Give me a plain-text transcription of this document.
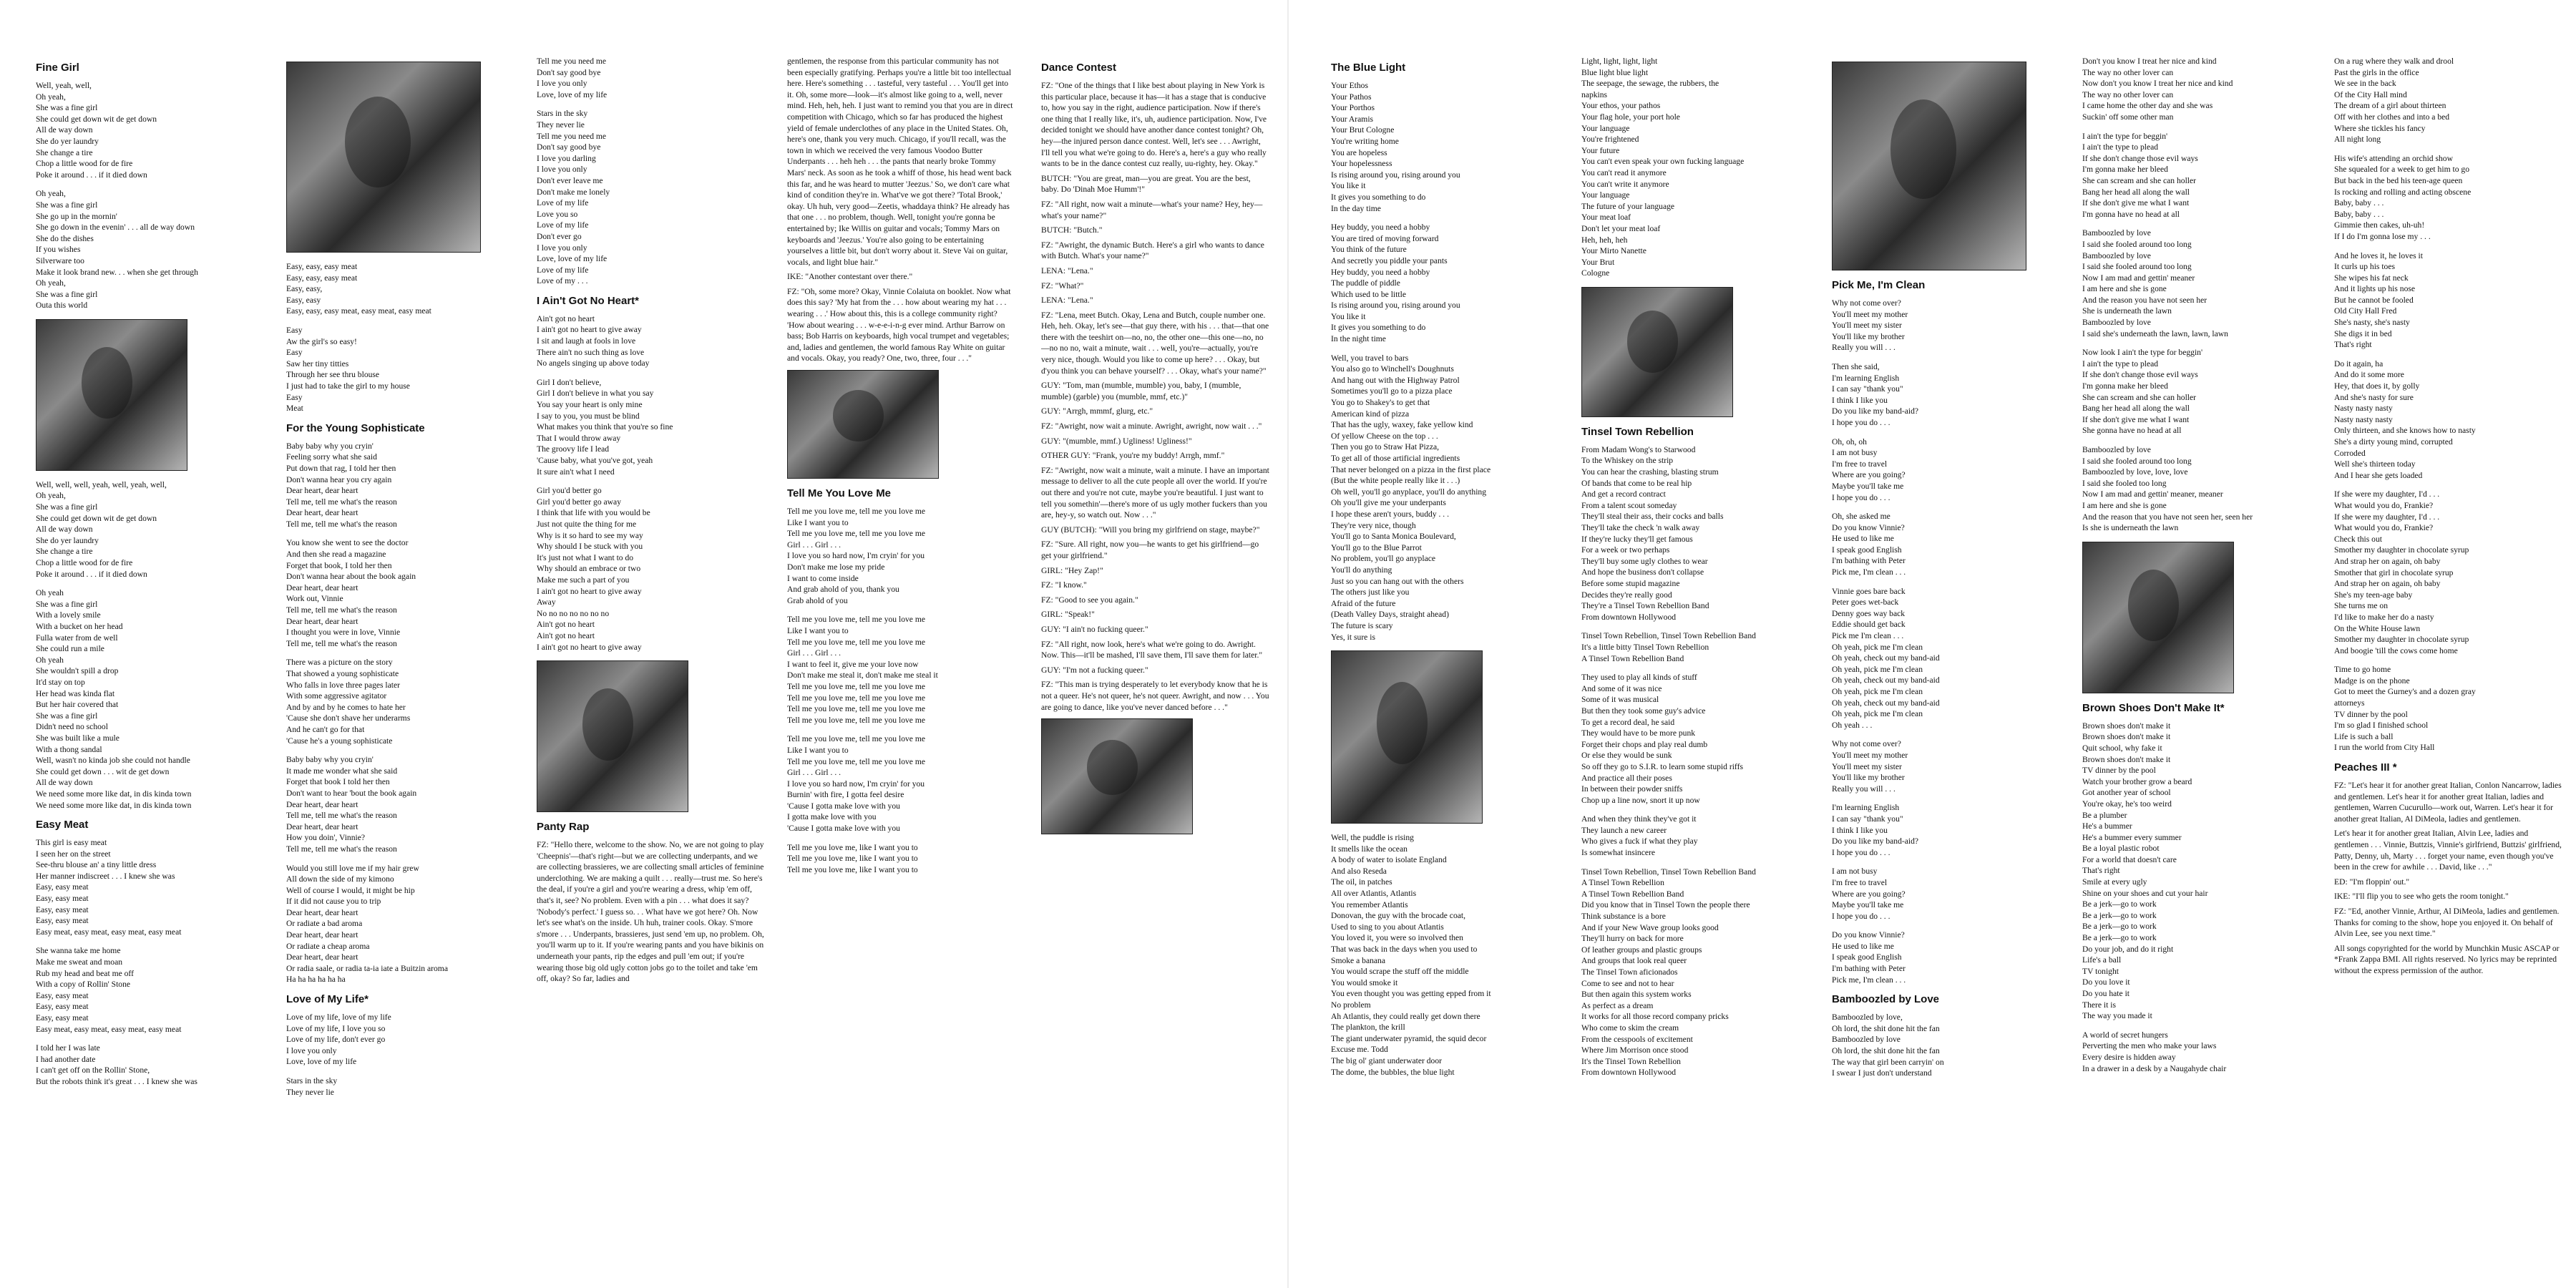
Fine Girl
Well, yeah, well,
Oh yeah,
She was a fine girl
She could get down wit de get down
All de way down
She do yer laundry
She change a tire
Chop a little wood for de fire
Poke it around . . . if it died down
Oh yeah,
She was a fine girl
She go up in the mornin'
She go down in the evenin' . . . all de way down
She do the dishes
If you wishes
Silverware too
Make it look brand new. . . when she get through
Oh yeah,
She was a fine girl
Outa this world
Well, well, well, yeah, well, yeah, well,
Oh yeah,
She was a fine girl
She could get down wit de get down
All de way down
She do yer laundry
She change a tire
Chop a little wood for de fire
Poke it around . . . if it died down
Oh yeah
She was a fine girl
With a lovely smile
With a bucket on her head
Fulla water from de well
She could run a mile
Oh yeah
She wouldn't spill a drop
It'd stay on top
Her head was kinda flat
But her hair covered that
She was a fine girl
Didn't need no school
She was built like a mule
With a thong sandal
Well, wasn't no kinda job she could not handle
She could get down . . . wit de get down
All de way down
We need some more like dat, in dis kinda town
We need some more like dat, in dis kinda town
Easy Meat
This girl is easy meat
I seen her on the street
See-thru blouse an' a tiny little dress
Her manner indiscreet . . . I knew she was
Easy, easy meat
Easy, easy meat
Easy, easy meat
Easy, easy meat
Easy meat, easy meat, easy meat, easy meat
She wanna take me home
Make me sweat and moan
Rub my head and beat me off
With a copy of Rollin' Stone
Easy, easy meat
Easy, easy meat
Easy, easy meat
Easy meat, easy meat, easy meat, easy meat
I told her I was late
I had another date
I can't get off on the Rollin' Stone,
But the robots think it's great . . . I knew she was
Easy, easy, easy meat
Easy, easy, easy meat
Easy, easy,
Easy, easy
Easy, easy, easy meat, easy meat, easy meat
Easy
Aw the girl's so easy!
Easy
Saw her tiny titties
Through her see thru blouse
I just had to take the girl to my house
Easy
Meat
For the Young Sophisticate
Baby baby why you cryin'
Feeling sorry what she said
Put down that rag, I told her then
Don't wanna hear you cry again
Dear heart, dear heart
Tell me, tell me what's the reason
Dear heart, dear heart
Tell me, tell me what's the reason
You know she went to see the doctor
And then she read a magazine
Forget that book, I told her then
Don't wanna hear about the book again
Dear heart, dear heart
Work out, Vinnie
Tell me, tell me what's the reason
Dear heart, dear heart
I thought you were in love, Vinnie
Tell me, tell me what's the reason
There was a picture on the story
That showed a young sophisticate
Who falls in love three pages later
With some aggressive agitator
And by and by he comes to hate her
'Cause she don't shave her underarms
And he can't go for that
'Cause he's a young sophisticate
Baby baby why you cryin'
It made me wonder what she said
Forget that book I told her then
Don't want to hear 'bout the book again
Dear heart, dear heart
Tell me, tell me what's the reason
Dear heart, dear heart
How you doin', Vinnie?
Tell me, tell me what's the reason
Would you still love me if my hair grew
All down the side of my kimono
Well of course I would, it might be hip
If it did not cause you to trip
Dear heart, dear heart
Or radiate a bad aroma
Dear heart, dear heart
Or radiate a cheap aroma
Dear heart, dear heart
Or radia saale, or radia ta-ia iate a Buitzin aroma
Ha ha ha ha ha ha
Love of My Life*
Love of my life, love of my life
Love of my life, I love you so
Love of my life, don't ever go
I love you only
Love, love of my life
Stars in the sky
They never lie
Tell me you need me
Don't say good bye
I love you only
Love, love of my life
Stars in the sky
They never lie
Tell me you need me
Don't say good bye
I love you darling
I love you only
Don't ever leave me
Don't make me lonely
Love of my life
Love you so
Love of my life
Don't ever go
I love you only
Love, love of my life
Love of my life
Love of my . . .
I Ain't Got No Heart*
Ain't got no heart
I ain't got no heart to give away
I sit and laugh at fools in love
There ain't no such thing as love
No angels singing up above today
Girl I don't believe,
Girl I don't believe in what you say
You say your heart is only mine
I say to you, you must be blind
What makes you think that you're so fine
That I would throw away
The groovy life I lead
'Cause baby, what you've got, yeah
It sure ain't what I need
Girl you'd better go
Girl you'd better go away
I think that life with you would be
Just not quite the thing for me
Why is it so hard to see my way
Why should I be stuck with you
It's just not what I want to do
Why should an embrace or two
Make me such a part of you
I ain't got no heart to give away
Away
No no no no no no no
Ain't got no heart
Ain't got no heart
I ain't got no heart to give away
Panty Rap
FZ: "Hello there, welcome to the show. No, we are not going to play 'Cheepnis'—that's right—but we are collecting underpants, and we are collecting brassieres, we are collecting small articles of feminine underclothing. We are making a quilt . . . really—trust me. So here's the deal, if you're a girl and you're wearing a dress, whip 'em off, that's it, see? No problem. Even with a pin . . . what does it say? 'Nobody's perfect.' I guess so. . . What have we got here? Oh. Now let's see what's on the inside. Uh huh, trainer cools. Okay. S'more s'more . . . Underpants, brassieres, just send 'em up, no problem. Oh, you'll warm up to it. If you're wearing pants and you have bikinis on underneath your pants, rip the edges and pull 'em out; if you're wearing those big old ugly cotton jobs go to the toilet and take 'em off, okay? So far, ladies and
gentlemen, the response from this particular community has not been especially gratifying. Perhaps you're a little bit too intellectual here. Here's something . . . tasteful, very tasteful . . . You'll get into it. Oh, some more—look—it's almost like going to a, well, never mind. Heh, heh, heh. I just want to remind you that you are in direct competition with Chicago, which so far has produced the highest yield of female underclothes of any place in the United States. Oh, here's one, thank you very much. Chicago, if you'll recall, was the town in which we received the very famous Voodoo Butter Underpants . . . heh heh . . . the pants that nearly broke Tommy Mars' neck. As soon as he took a whiff of those, his head went back this far, and he was heard to mutter 'Jeezus.' So, we don't care what kind of condition they're in. What've we got there? 'Total Brook,' okay. Uh huh, very good—Zeetis, whaddaya think? He already has that one . . . no problem, though. Well, tonight you're gonna be entertained by; Ike Willis on guitar and vocals; Tommy Mars on keyboards and 'Jeezus.' You're also going to be entertaining yourselves a little bit, but don't worry about it. Steve Vai on guitar, vocals, and light blue hair."
IKE: "Another contestant over there."
FZ: "Oh, some more? Okay, Vinnie Colaiuta on booklet. Now what does this say? 'My hat from the . . . how about wearing my hat . . . wearing . . .' How about this, this is a college community right? 'How about wearing . . . w-e-e-i-n-g ever mind. Arthur Barrow on bass; Bob Harris on keyboards, high vocal trumpet and vegetables; and, ladies and gentlemen, the world famous Ray White on guitar and vocals. Okay, you ready? One, two, three, four . . ."
Tell Me You Love Me
Tell me you love me, tell me you love me
Like I want you to
Tell me you love me, tell me you love me
Girl . . . Girl . . .
I love you so hard now, I'm cryin' for you
Don't make me lose my pride
I want to come inside
And grab ahold of you, thank you
Grab ahold of you
Tell me you love me, tell me you love me
Like I want you to
Tell me you love me, tell me you love me
Girl . . . Girl . . .
I want to feel it, give me your love now
Don't make me steal it, don't make me steal it
Tell me you love me, tell me you love me
Tell me you love me, tell me you love me
Tell me you love me, tell me you love me
Tell me you love me, tell me you love me
Tell me you love me, tell me you love me
Like I want you to
Tell me you love me, tell me you love me
Girl . . . Girl . . .
I love you so hard now, I'm cryin' for you
Burnin' with fire, I gotta feel desire
'Cause I gotta make love with you
I gotta make love with you
'Cause I gotta make love with you
Tell me you love me, like I want you to
Tell me you love me, like I want you to
Tell me you love me, like I want you to
Dance Contest
FZ: "One of the things that I like best about playing in New York is this particular place, because it has—it has a stage that is conducive to, how you say in the right, audience participation. Now if there's one thing that I really like, it's, uh, audience participation. Now, I've decided tonight we should have another dance contest tonight? Oh, hey—the injured person dance contest. Well, let's see . . . Awright, I'll tell you what we're going to do. Here's a, here's a guy who really wants to be in the dance contest cuz really, uu-righty, hey. Okay."
BUTCH: "You are great, man—you are great. You are the best, baby. Do 'Dinah Moe Humm'!"
FZ: "All right, now wait a minute—what's your name? Hey, hey—what's your name?"
BUTCH: "Butch."
FZ: "Awright, the dynamic Butch. Here's a girl who wants to dance with Butch. What's your name?"
LENA: "Lena."
FZ: "What?"
LENA: "Lena."
FZ: "Lena, meet Butch. Okay, Lena and Butch, couple number one. Heh, heh. Okay, let's see—that guy there, with his . . . that—that one there with the teeshirt on—no, no, the other one—this one—no, no—no no no, wait a minute, wait . . . well, you're—actually, you're very nice, though. Would you like to come up here? . . . Okay, but d'you think you can behave yourself? . . . Okay, what's your name?"
GUY: "Tom, man (mumble, mumble) you, baby, I (mumble, mumble) (garble) you (mumble, mmf, etc.)"
GUY: "Arrgh, mmmf, glurg, etc."
FZ: "Awright, now wait a minute. Awright, awright, now wait . . ."
GUY: "(mumble, mmf.) Ugliness! Ugliness!"
OTHER GUY: "Frank, you're my buddy! Arrgh, mmf."
FZ: "Awright, now wait a minute, wait a minute. I have an important message to deliver to all the cute people all over the world. If you're out there and you're not cute, maybe you're beautiful. I just want to tell you somethin'—there's more of us ugly mother fuckers than you are, hey-y, so watch out. Now . . ."
GUY (BUTCH): "Will you bring my girlfriend on stage, maybe?"
FZ: "Sure. All right, now you—he wants to get his girlfriend—go get your girlfriend."
GIRL: "Hey Zap!"
FZ: "I know."
FZ: "Good to see you again."
GIRL: "Speak!"
GUY: "I ain't no fucking queer."
FZ: "All right, now look, here's what we're going to do. Awright. Now. This—it'll be mashed, I'll save them, I'll save them for later."
GUY: "I'm not a fucking queer."
FZ: "This man is trying desperately to let everybody know that he is not a queer. He's not queer, he's not queer. Awright, and now . . . You are going to dance, like you've never danced before . . ."
The Blue Light
Your Ethos
Your Pathos
Your Porthos
Your Aramis
Your Brut Cologne
You're writing home
You are hopeless
Your hopelessness
Is rising around you, rising around you
You like it
It gives you something to do
In the day time
Hey buddy, you need a hobby
You are tired of moving forward
You think of the future
And secretly you piddle your pants
Hey buddy, you need a hobby
The puddle of piddle
Which used to be little
Is rising around you, rising around you
You like it
It gives you something to do
In the night time
Well, you travel to bars
You also go to Winchell's Doughnuts
And hang out with the Highway Patrol
Sometimes you'll go to a pizza place
You go to Shakey's to get that
American kind of pizza
That has the ugly, waxey, fake yellow kind
Of yellow Cheese on the top . . .
Then you go to Straw Hat Pizza,
To get all of those artificial ingredients
That never belonged on a pizza in the first place
(But the white people really like it . . .)
Oh well, you'll go anyplace, you'll do anything
Oh you'll give me your underpants
I hope these aren't yours, buddy . . .
They're very nice, though
You'll go to Santa Monica Boulevard,
You'll go to the Blue Parrot
No problem, you'll go anyplace
You'll do anything
Just so you can hang out with the others
The others just like you
Afraid of the future
(Death Valley Days, straight ahead)
The future is scary
Yes, it sure is
Well, the puddle is rising
It smells like the ocean
A body of water to isolate England
And also Reseda
The oil, in patches
All over Atlantis, Atlantis
You remember Atlantis
Donovan, the guy with the brocade coat,
Used to sing to you about Atlantis
You loved it, you were so involved then
That was back in the days when you used to
Smoke a banana
You would scrape the stuff off the middle
You would smoke it
You even thought you was getting epped from it
No problem
Ah Atlantis, they could really get down there
The plankton, the krill
The giant underwater pyramid, the squid decor
Excuse me. Todd
The big ol' giant underwater door
The dome, the bubbles, the blue light
Light, light, light, light
Blue light blue light
The seepage, the sewage, the rubbers, the
napkins
Your ethos, your pathos
Your flag hole, your port hole
Your language
You're frightened
Your future
You can't even speak your own fucking language
You can't read it anymore
You can't write it anymore
Your language
The future of your language
Your meat loaf
Don't let your meat loaf
Heh, heh, heh
Your Mirto Nanette
Your Brut
Cologne
Tinsel Town Rebellion
From Madam Wong's to Starwood
To the Whiskey on the strip
You can hear the crashing, blasting strum
Of bands that come to be real hip
And get a record contract
From a talent scout someday
They'll steal their ass, their cocks and balls
They'll take the check 'n walk away
If they're lucky they'll get famous
For a week or two perhaps
They'll buy some ugly clothes to wear
And hope the business don't collapse
Before some stupid magazine
Decides they're really good
They're a Tinsel Town Rebellion Band
From downtown Hollywood
Tinsel Town Rebellion, Tinsel Town Rebellion Band
It's a little bitty Tinsel Town Rebellion
A Tinsel Town Rebellion Band
They used to play all kinds of stuff
And some of it was nice
Some of it was musical
But then they took some guy's advice
To get a record deal, he said
They would have to be more punk
Forget their chops and play real dumb
Or else they would be sunk
So off they go to S.I.R. to learn some stupid riffs
And practice all their poses
In between their powder sniffs
Chop up a line now, snort it up now
And when they think they've got it
They launch a new career
Who gives a fuck if what they play
Is somewhat insincere
Tinsel Town Rebellion, Tinsel Town Rebellion Band
A Tinsel Town Rebellion
A Tinsel Town Rebellion Band
Did you know that in Tinsel Town the people there
Think substance is a bore
And if your New Wave group looks good
They'll hurry on back for more
Of leather groups and plastic groups
And groups that look real queer
The Tinsel Town aficionados
Come to see and not to hear
But then again this system works
As perfect as a dream
It works for all those record company pricks
Who come to skim the cream
From the cesspools of excitement
Where Jim Morrison once stood
It's the Tinsel Town Rebellion
From downtown Hollywood
Pick Me, I'm Clean
Why not come over?
You'll meet my mother
You'll meet my sister
You'll like my brother
Really you will . . .
Then she said,
I'm learning English
I can say "thank you"
I think I like you
Do you like my band-aid?
I hope you do . . .
Oh, oh, oh
I am not busy
I'm free to travel
Where are you going?
Maybe you'll take me
I hope you do . . .
Oh, she asked me
Do you know Vinnie?
He used to like me
I speak good English
I'm bathing with Peter
Pick me, I'm clean . . .
Vinnie goes bare back
Peter goes wet-back
Denny goes way back
Eddie should get back
Pick me I'm clean . . .
Oh yeah, pick me I'm clean
Oh yeah, check out my band-aid
Oh yeah, pick me I'm clean
Oh yeah, check out my band-aid
Oh yeah, pick me I'm clean
Oh yeah, check out my band-aid
Oh yeah, pick me I'm clean
Oh yeah . . .
Why not come over?
You'll meet my mother
You'll meet my sister
You'll like my brother
Really you will . . .
I'm learning English
I can say "thank you"
I think I like you
Do you like my band-aid?
I hope you do . . .
I am not busy
I'm free to travel
Where are you going?
Maybe you'll take me
I hope you do . . .
Do you know Vinnie?
He used to like me
I speak good English
I'm bathing with Peter
Pick me, I'm clean . . .
Bamboozled by Love
Bamboozled by love,
Oh lord, the shit done hit the fan
Bamboozled by love
Oh lord, the shit done hit the fan
The way that girl been carryin' on
I swear I just don't understand
Don't you know I treat her nice and kind
The way no other lover can
Now don't you know I treat her nice and kind
The way no other lover can
I came home the other day and she was
Suckin' off some other man
I ain't the type for beggin'
I ain't the type to plead
If she don't change those evil ways
I'm gonna make her bleed
She can scream and she can holler
Bang her head all along the wall
If she don't give me what I want
I'm gonna have no head at all
Bamboozled by love
I said she fooled around too long
Bamboozled by love
I said she fooled around too long
Now I am mad and gettin' meaner
I am here and she is gone
And the reason you have not seen her
She is underneath the lawn
Bamboozled by love
I said she's underneath the lawn, lawn, lawn
Now look I ain't the type for beggin'
I ain't the type to plead
If she don't change those evil ways
I'm gonna make her bleed
She can scream and she can holler
Bang her head all along the wall
If she don't give me what I want
She gonna have no head at all
Bamboozled by love
I said she fooled around too long
Bamboozled by love, love, love
I said she fooled too long
Now I am mad and gettin' meaner, meaner
I am here and she is gone
And the reason that you have not seen her, seen her
Is she is underneath the lawn
Brown Shoes Don't Make It*
Brown shoes don't make it
Brown shoes don't make it
Quit school, why fake it
Brown shoes don't make it
TV dinner by the pool
Watch your brother grow a beard
Got another year of school
You're okay, he's too weird
Be a plumber
He's a bummer
He's a bummer every summer
Be a loyal plastic robot
For a world that doesn't care
That's right
Smile at every ugly
Shine on your shoes and cut your hair
Be a jerk—go to work
Be a jerk—go to work
Be a jerk—go to work
Be a jerk—go to work
Do your job, and do it right
Life's a ball
TV tonight
Do you love it
Do you hate it
There it is
The way you made it
A world of secret hungers
Perverting the men who make your laws
Every desire is hidden away
In a drawer in a desk by a Naugahyde chair
On a rug where they walk and drool
Past the girls in the office
We see in the back
Of the City Hall mind
The dream of a girl about thirteen
Off with her clothes and into a bed
Where she tickles his fancy
All night long
His wife's attending an orchid show
She squealed for a week to get him to go
But back in the bed his teen-age queen
Is rocking and rolling and acting obscene
Baby, baby . . .
Baby, baby . . .
Gimmie then cakes, uh-uh!
If I do I'm gonna lose my . . .
And he loves it, he loves it
It curls up his toes
She wipes his fat neck
And it lights up his nose
But he cannot be fooled
Old City Hall Fred
She's nasty, she's nasty
She digs it in bed
That's right
Do it again, ha
And do it some more
Hey, that does it, by golly
And she's nasty for sure
Nasty nasty nasty
Nasty nasty nasty
Only thirteen, and she knows how to nasty
She's a dirty young mind, corrupted
Corroded
Well she's thirteen today
And I hear she gets loaded
If she were my daughter, I'd . . .
What would you do, Frankie?
If she were my daughter, I'd . . .
What would you do, Frankie?
Check this out
Smother my daughter in chocolate syrup
And strap her on again, oh baby
Smother that girl in chocolate syrup
And strap her on again, oh baby
She's my teen-age baby
She turns me on
I'd like to make her do a nasty
On the White House lawn
Smother my daughter in chocolate syrup
And boogie 'till the cows come home
Time to go home
Madge is on the phone
Got to meet the Gurney's and a dozen gray
attorneys
TV dinner by the pool
I'm so glad I finished school
Life is such a ball
I run the world from City Hall
Peaches III *
FZ: "Let's hear it for another great Italian, Conlon Nancarrow, ladies and gentlemen. Let's hear it for another great Italian, ladies and gentlemen, Warren Cucurullo—work out, Warren. Let's hear it for another great Italian, Al DiMeola, ladies and gentlemen.
Let's hear it for another great Italian, Alvin Lee, ladies and gentlemen . . . Vinnie, Buttzis, Vinnie's girlfriend, Buttzis' girlfriend, Patty, Denny, uh, Marty . . . forget your name, even though you've been in the crew for awhile . . . David, like . . ."
ED: "I'm floppin' out."
IKE: "I'll flip you to see who gets the room tonight."
FZ: "Ed, another Vinnie, Arthur, Al DiMeola, ladies and gentlemen. Thanks for coming to the show, hope you enjoyed it. On behalf of Alvin Lee, see you next time."
All songs copyrighted for the world by Munchkin Music ASCAP or *Frank Zappa BMI. All rights reserved. No lyrics may be reprinted without the express permission of the author.
